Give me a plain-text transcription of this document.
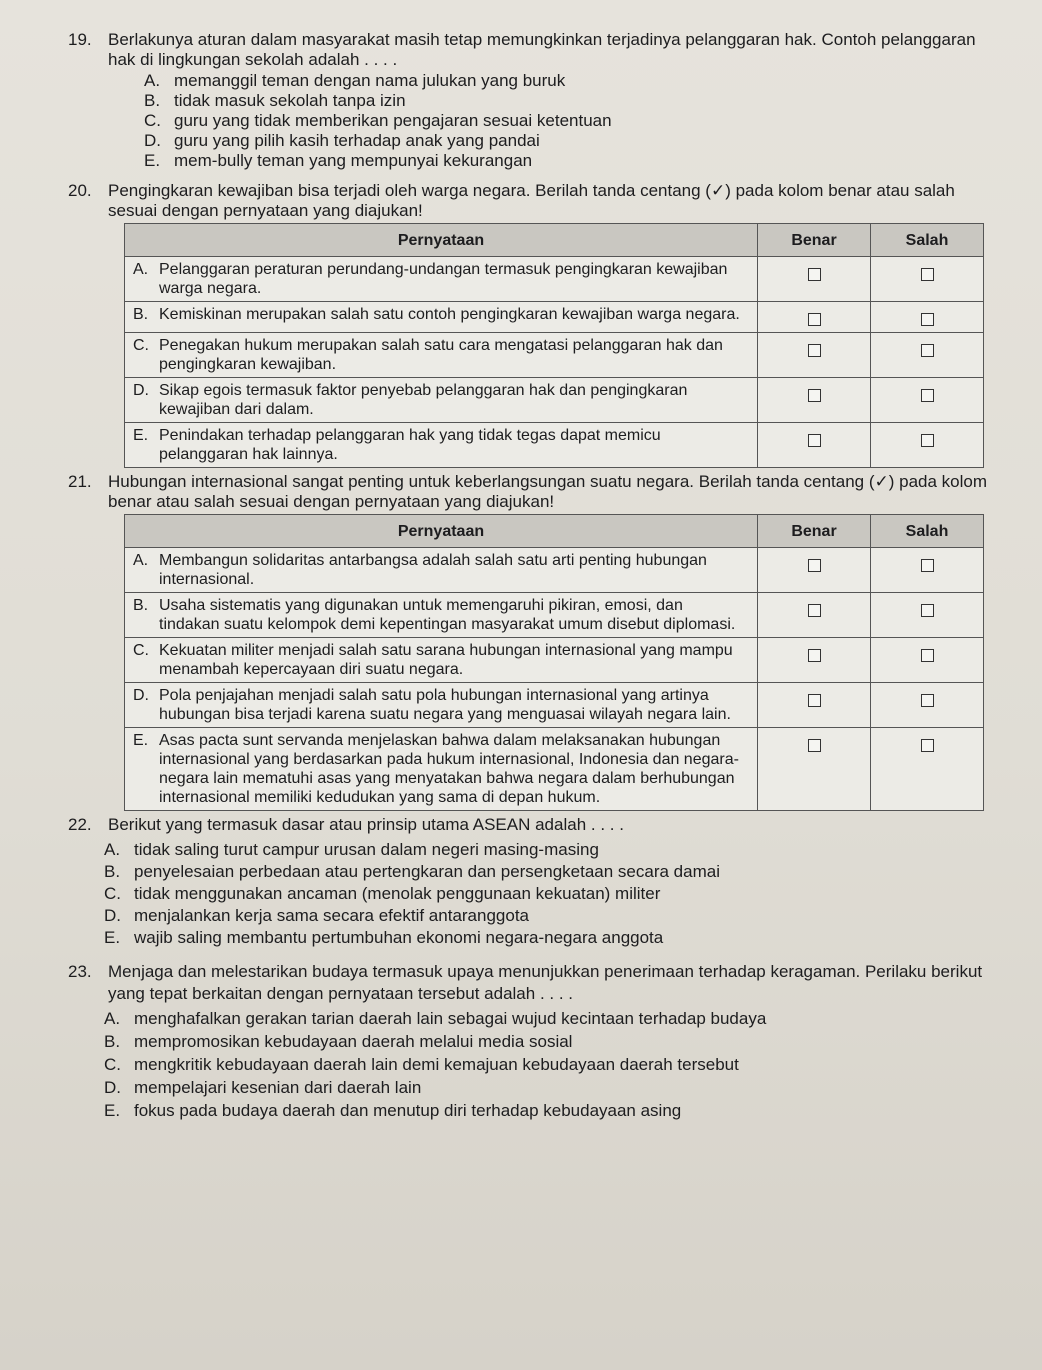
19. Berlakunya aturan dalam masyarakat masih tetap memungkinkan terjadinya pelanggaran hak. Contoh pelanggaran hak di lingkungan sekolah adalah . . . .
A. memanggil teman dengan nama julukan yang buruk
B. tidak masuk sekolah tanpa izin
C. guru yang tidak memberikan pengajaran sesuai ketentuan
D. guru yang pilih kasih terhadap anak yang pandai
E. mem-bully teman yang mempunyai kekurangan
20. Pengingkaran kewajiban bisa terjadi oleh warga negara. Berilah tanda centang (✓) pada kolom benar atau salah sesuai dengan pernyataan yang diajukan!
Pernyataan	Benar	Salah

A. Pelanggaran peraturan perundang-undangan termasuk pengingkaran kewajiban warga negara.		

B. Kemiskinan merupakan salah satu contoh pengingkaran kewajiban warga negara.		

C. Penegakan hukum merupakan salah satu cara mengatasi pelanggaran hak dan pengingkaran kewajiban.		

D. Sikap egois termasuk faktor penyebab pelanggaran hak dan pengingkaran kewajiban dari dalam.		

E. Penindakan terhadap pelanggaran hak yang tidak tegas dapat memicu pelanggaran hak lainnya.		

21. Hubungan internasional sangat penting untuk keberlangsungan suatu negara. Berilah tanda centang (✓) pada kolom benar atau salah sesuai dengan pernyataan yang diajukan!
Pernyataan	Benar	Salah

A. Membangun solidaritas antarbangsa adalah salah satu arti penting hubungan internasional.		

B. Usaha sistematis yang digunakan untuk memengaruhi pikiran, emosi, dan tindakan suatu kelompok demi kepentingan masyarakat umum disebut diplomasi.		

C. Kekuatan militer menjadi salah satu sarana hubungan internasional yang mampu menambah kepercayaan diri suatu negara.		

D. Pola penjajahan menjadi salah satu pola hubungan internasional yang artinya hubungan bisa terjadi karena suatu negara yang menguasai wilayah negara lain.		

E. Asas pacta sunt servanda menjelaskan bahwa dalam melaksanakan hubungan internasional yang berdasarkan pada hukum internasional, Indonesia dan negara-negara lain mematuhi asas yang menyatakan bahwa negara dalam berhubungan internasional memiliki kedudukan yang sama di depan hukum.		

22. Berikut yang termasuk dasar atau prinsip utama ASEAN adalah . . . .
A. tidak saling turut campur urusan dalam negeri masing-masing
B. penyelesaian perbedaan atau pertengkaran dan persengketaan secara damai
C. tidak menggunakan ancaman (menolak penggunaan kekuatan) militer
D. menjalankan kerja sama secara efektif antaranggota
E. wajib saling membantu pertumbuhan ekonomi negara-negara anggota
23. Menjaga dan melestarikan budaya termasuk upaya menunjukkan penerimaan terhadap keragaman. Perilaku berikut yang tepat berkaitan dengan pernyataan tersebut adalah . . . .
A. menghafalkan gerakan tarian daerah lain sebagai wujud kecintaan terhadap budaya
B. mempromosikan kebudayaan daerah melalui media sosial
C. mengkritik kebudayaan daerah lain demi kemajuan kebudayaan daerah tersebut
D. mempelajari kesenian dari daerah lain
E. fokus pada budaya daerah dan menutup diri terhadap kebudayaan asing
